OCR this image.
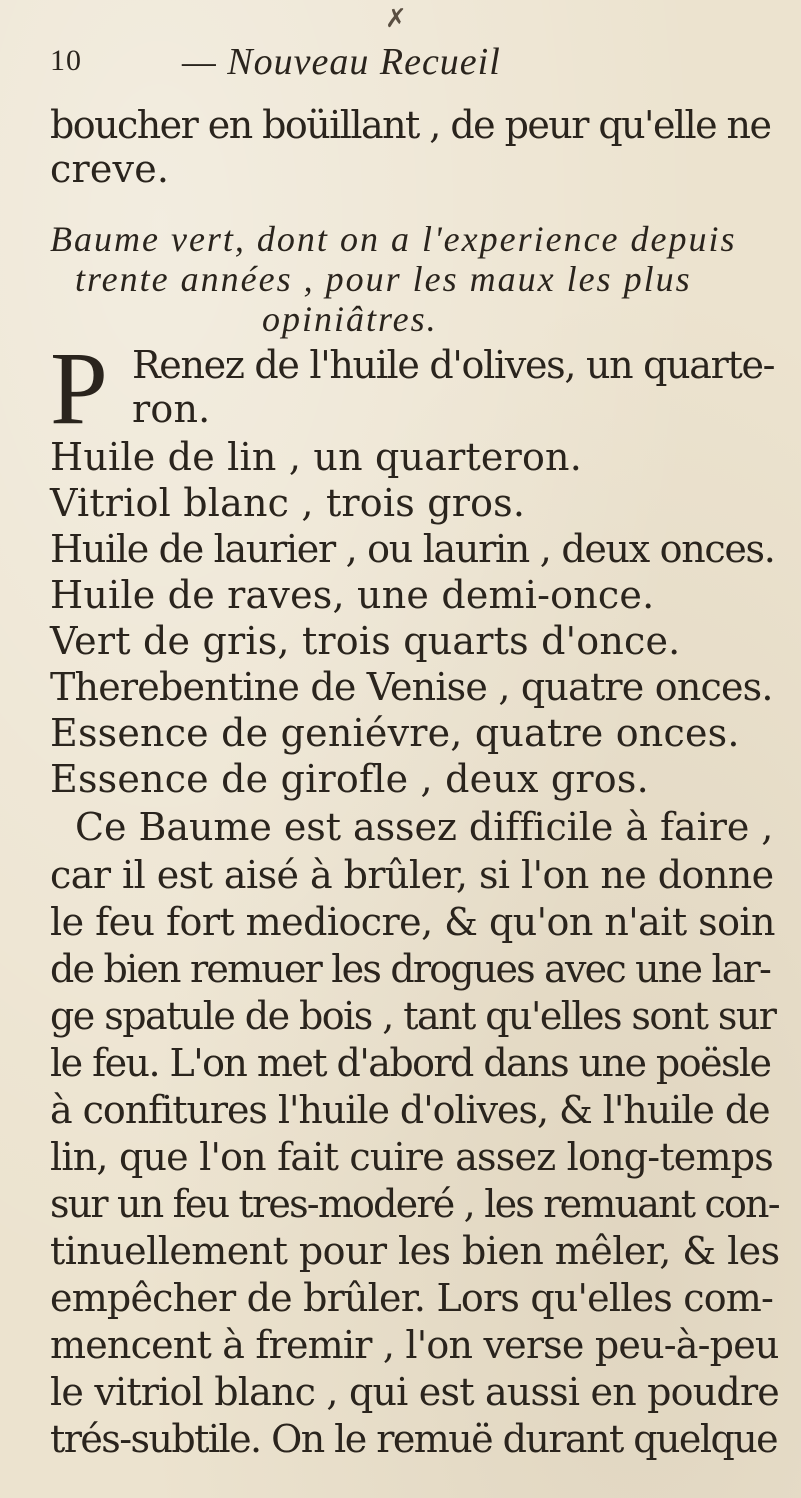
✗
10	— Nouveau Recueil
boucher en boüillant , de peur qu'elle ne
creve.
Baume vert, dont on a l'experience depuis
trente années , pour les maux les plus
opiniâtres.
P Renez de l'huile d'olives, un quarte-
ron.
Huile de lin , un quarteron.
Vitriol blanc , trois gros.
Huile de laurier , ou laurin , deux onces.
Huile de raves, une demi-once.
Vert de gris, trois quarts d'once.
Therebentine de Venise , quatre onces.
Essence de geniévre, quatre onces.
Essence de girofle , deux gros.
Ce Baume est assez difficile à faire ,
car il est aisé à brûler, si l'on ne donne
le feu fort mediocre, & qu'on n'ait soin
de bien remuer les drogues avec une lar-
ge spatule de bois , tant qu'elles sont sur
le feu. L'on met d'abord dans une poësle
à confitures l'huile d'olives, & l'huile de
lin, que l'on fait cuire assez long-temps
sur un feu tres-moderé , les remuant con-
tinuellement pour les bien mêler, & les
empêcher de brûler. Lors qu'elles com-
mencent à fremir , l'on verse peu-à-peu
le vitriol blanc , qui est aussi en poudre
trés-subtile. On le remuë durant quelque
